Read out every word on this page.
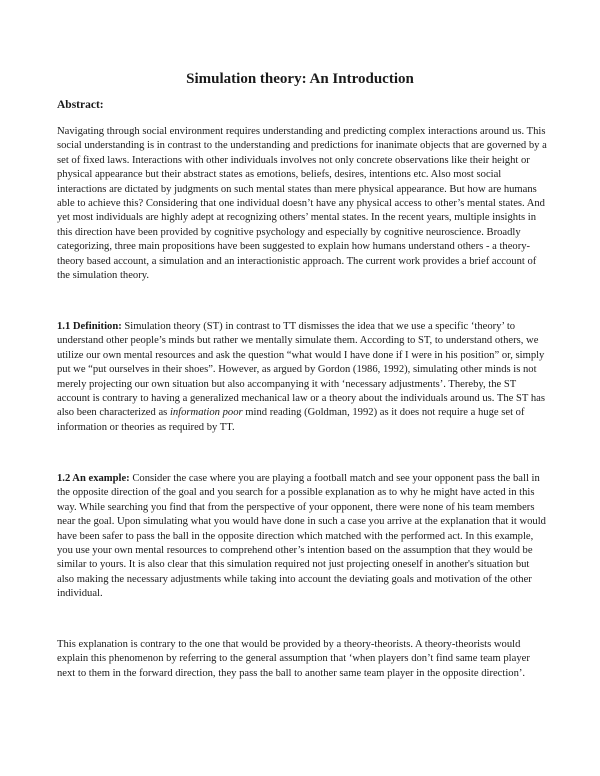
Simulation theory: An Introduction
Abstract:

Navigating through social environment requires understanding and predicting complex interactions around us. This social understanding is in contrast to the understanding and predictions for inanimate objects that are governed by a set of fixed laws. Interactions with other individuals involves not only concrete observations like their height or physical appearance but their abstract states as emotions, beliefs, desires, intentions etc. Also most social interactions are dictated by judgments on such mental states than mere physical appearance. But how are humans able to achieve this? Considering that one individual doesn’t have any physical access to other’s mental states. And yet most individuals are highly adept at recognizing others’ mental states. In the recent years, multiple insights in this direction have been provided by cognitive psychology and especially by cognitive neuroscience. Broadly categorizing, three main propositions have been suggested to explain how humans understand others - a theory-theory based account, a simulation and an interactionistic approach. The current work provides a brief account of the simulation theory.

1.1 Definition: Simulation theory (ST) in contrast to TT dismisses the idea that we use a specific ‘theory’ to understand other people’s minds but rather we mentally simulate them. According to ST, to understand others, we utilize our own mental resources and ask the question “what would I have done if I were in his position” or, simply put we “put ourselves in their shoes”. However, as argued by Gordon (1986, 1992), simulating other minds is not merely projecting our own situation but also accompanying it with ‘necessary adjustments’. Thereby, the ST account is contrary to having a generalized mechanical law or a theory about the individuals around us. The ST has also been characterized as information poor mind reading (Goldman, 1992) as it does not require a huge set of information or theories as required by TT.

1.2 An example: Consider the case where you are playing a football match and see your opponent pass the ball in the opposite direction of the goal and you search for a possible explanation as to why he might have acted in this way. While searching you find that from the perspective of your opponent, there were none of his team members near the goal. Upon simulating what you would have done in such a case you arrive at the explanation that it would have been safer to pass the ball in the opposite direction which matched with the performed act. In this example, you use your own mental resources to comprehend other’s intention based on the assumption that they would be similar to yours. It is also clear that this simulation required not just projecting oneself in another's situation but also making the necessary adjustments while taking into account the deviating goals and motivation of the other individual.

This explanation is contrary to the one that would be provided by a theory-theorists. A theory-theorists would explain this phenomenon by referring to the general assumption that ‘when players don’t find same team player next to them in the forward direction, they pass the ball to another same team player in the opposite direction’.
